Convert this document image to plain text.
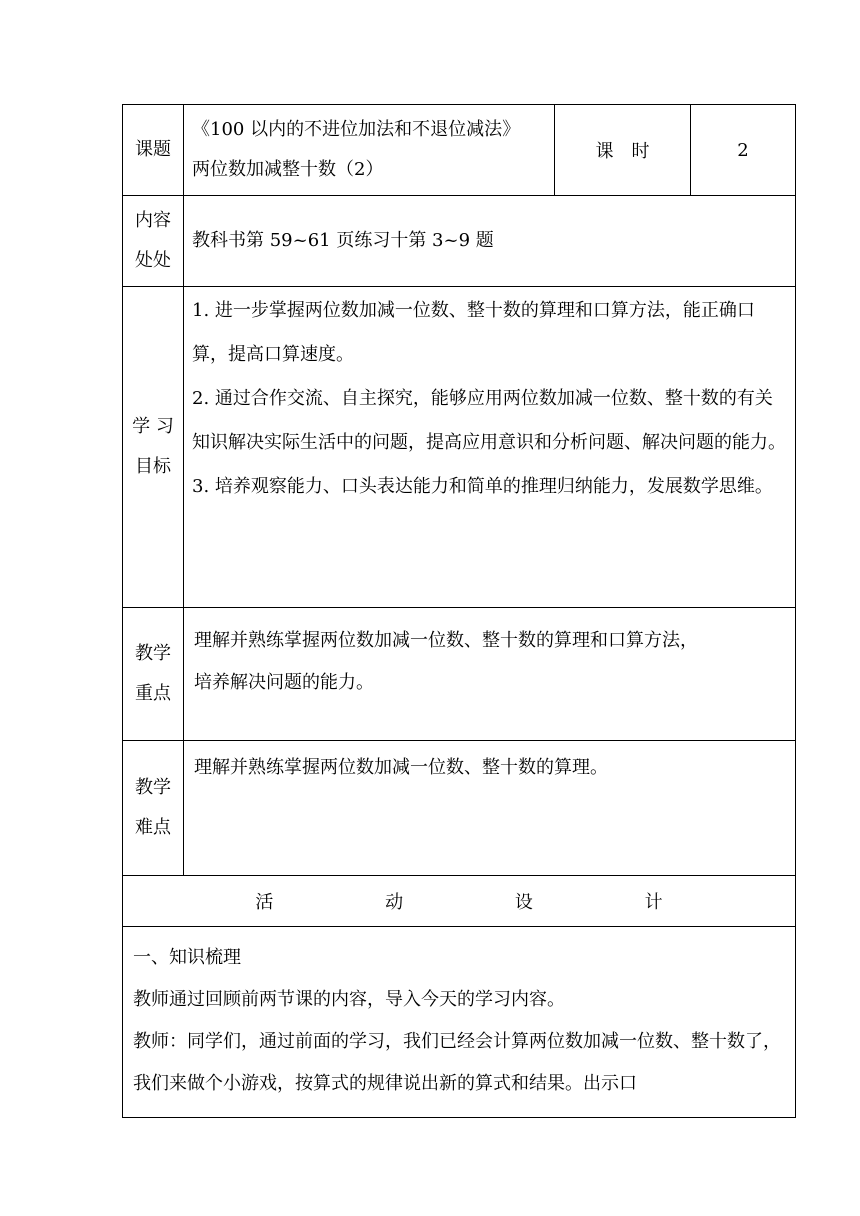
课题	《100 以内的不进位加法和不退位减法》
两位数加减整十数（2）	课　时	2

内容
处处	教科书第 59~61 页练习十第 3~9 题		

学 习
目标	1. 进一步掌握两位数加减一位数、整十数的算理和口算方法，能正确口算，提高口算速度。
2. 通过合作交流、自主探究，能够应用两位数加减一位数、整十数的有关知识解决实际生活中的问题，提高应用意识和分析问题、解决问题的能力。
3. 培养观察能力、口头表达能力和简单的推理归纳能力，发展数学思维。		

教学
重点	理解并熟练掌握两位数加减一位数、整十数的算理和口算方法，
培养解决问题的能力。		

教学
难点	理解并熟练掌握两位数加减一位数、整十数的算理。		
活 动 设 计			

一、知识梳理
教师通过回顾前两节课的内容，导入今天的学习内容。
教师：同学们，通过前面的学习，我们已经会计算两位数加减一位数、整十数了，我们来做个小游戏，按算式的规律说出新的算式和结果。出示口			
